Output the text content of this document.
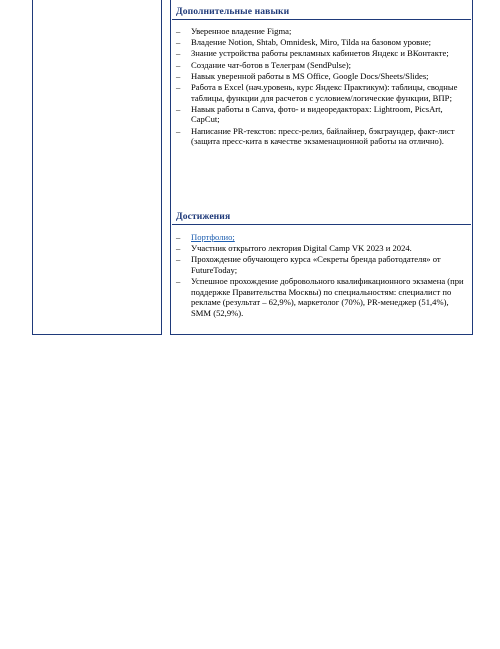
Дополнительные навыки
– Уверенное владение Figma;
– Владение Notion, Shtab, Omnidesk, Miro, Tilda на базовом уровне;
– Знание устройства работы рекламных кабинетов Яндекс и ВКонтакте;
– Создание чат-ботов в Телеграм (SendPulse);
– Навык уверенной работы в MS Office, Google Docs/Sheets/Slides;
– Работа в Excel (нач.уровень, курс Яндекс Практикум): таблицы, сводные таблицы, функции для расчетов с условием/логические функции, ВПР;
– Навык работы в Canva, фото- и видеоредакторах: Lightroom, PicsArt, CapCut;
– Написание PR-текстов: пресс-релиз, байлайнер, бэкграундер, факт-лист (защита пресс-кита в качестве экзаменационной работы на отлично).
Достижения
– Портфолио;
– Участник открытого лектория Digital Camp VK 2023 и 2024.
– Прохождение обучающего курса «Секреты бренда работодателя» от FutureToday;
– Успешное прохождение добровольного квалификационного экзамена (при поддержке Правительства Москвы) по специальностям: специалист по рекламе (результат – 62,9%), маркетолог (70%), PR-менеджер (51,4%), SMM (52,9%).
